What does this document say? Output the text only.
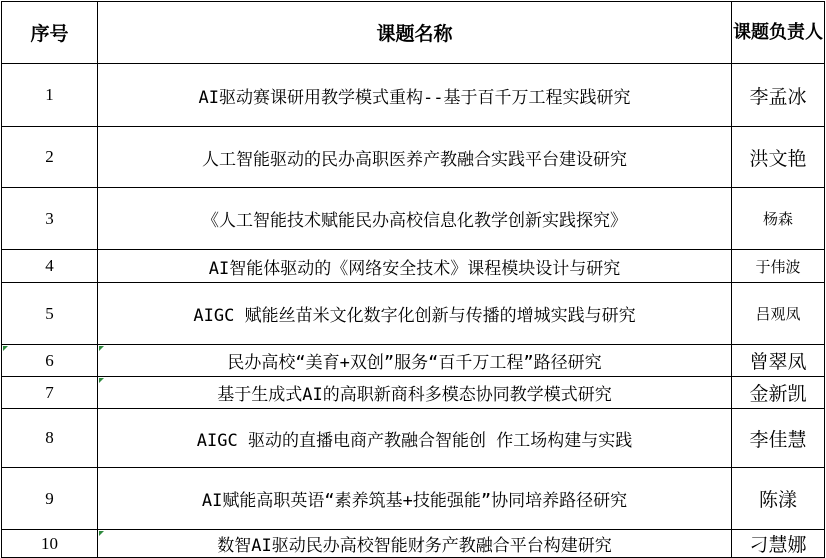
序号	课题名称	课题负责人
1	AI驱动赛课研用教学模式重构--基于百千万工程实践研究	李孟冰
2	人工智能驱动的民办高职医养产教融合实践平台建设研究	洪文艳
3	《人工智能技术赋能民办高校信息化教学创新实践探究》	杨森
4	AI智能体驱动的《网络安全技术》课程模块设计与研究	于伟波
5	AIGC 赋能丝苗米文化数字化创新与传播的增城实践与研究	吕观凤
6	民办高校“美育+双创”服务“百千万工程”路径研究	曾翠凤
7	基于生成式AI的高职新商科多模态协同教学模式研究	金新凯
8	AIGC 驱动的直播电商产教融合智能创 作工场构建与实践	李佳慧
9	AI赋能高职英语“素养筑基+技能强能”协同培养路径研究	陈漾
10	数智AI驱动民办高校智能财务产教融合平台构建研究	刁慧娜
